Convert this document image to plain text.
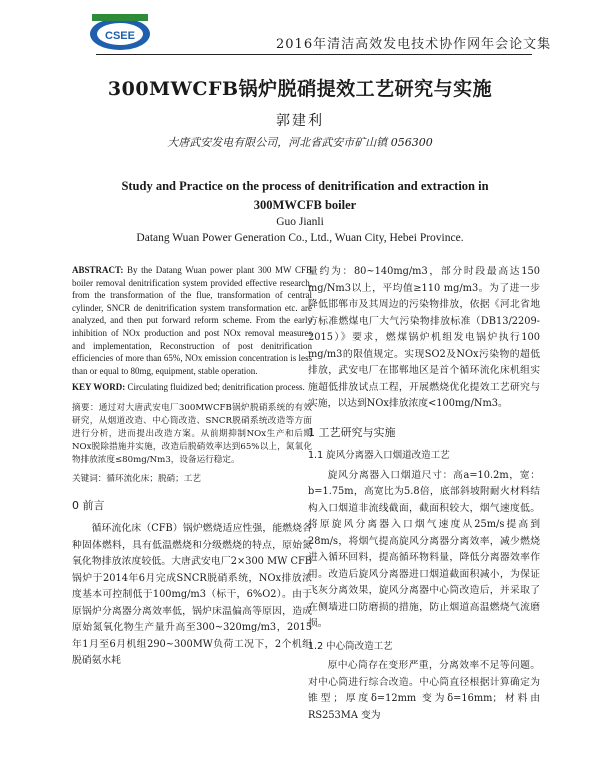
CSEE
2016年清洁高效发电技术协作网年会论文集
300MWCFB锅炉脱硝提效工艺研究与实施
郭建利
大唐武安发电有限公司，河北省武安市矿山镇 056300
Study and Practice on the process of denitrification and extraction in 300MWCFB boiler
Guo Jianli
Datang Wuan Power Generation Co., Ltd., Wuan City, Hebei Province.
ABSTRACT: By the Datang Wuan power plant 300 MW CFB boiler removal denitrification system provided effective research, from the transformation of the flue, transformation of central cylinder, SNCR de denitrification system transformation etc. are analyzed, and then put forward reform scheme. From the early inhibition of NOx production and post NOx removal measures and implementation, Reconstruction of post denitrification efficiencies of more than 65%, NOx emission concentration is less than or equal to 80mg, equipment, stable operation.
KEY WORD: Circulating fluidized bed; denitrification process.
摘要：通过对大唐武安电厂300MWCFB锅炉脱硝系统的有效研究，从烟道改造、中心筒改造、SNCR脱硝系统改造等方面进行分析，进而提出改造方案。从前期抑制NOx生产和后期NOx脱除措施并实施，改造后脱硝效率达到65%以上，氮氧化物排放浓度≤80mg/Nm3，设备运行稳定。
关键词：循环流化床；脱硝；工艺
0 前言
循环流化床（CFB）锅炉燃烧适应性强，能燃烧各种固体燃料，具有低温燃烧和分级燃烧的特点，原始氮氧化物排放浓度较低。大唐武安电厂2×300 MW CFB锅炉于2014年6月完成SNCR脱硝系统，NOx排放浓度基本可控制低于100mg/m3（标干，6%O2）。由于原锅炉分离器分离效率低，锅炉床温偏高等原因，造成原始氮氧化物生产量升高至300~320mg/m3，2015年1月至6月机组290~300MW负荷工况下，2个机组脱硝氨水耗
量约为：80~140mg/m3，部分时段最高达150 mg/Nm3以上，平均值≥110 mg/m3。为了进一步降低邯郸市及其周边的污染物排放，依据《河北省地方标准燃煤电厂大气污染物排放标准（DB13/2209-2015）》要求，燃煤锅炉机组发电锅炉执行100 mg/m3的限值规定。实现SO2及NOx污染物的超低排放，武安电厂在邯郸地区是首个循环流化床机组实施超低排放试点工程，开展燃烧优化提效工艺研究与实施，以达到NOx排放浓度<100mg/Nm3。
1 工艺研究与实施
1.1 旋风分离器入口烟道改造工艺
旋风分离器入口烟道尺寸：高a=10.2m，宽：b=1.75m，高宽比为5.8倍，底部斜坡附耐火材料结构入口烟道非流线截面，截面积较大，烟气速度低。将原旋风分离器入口烟气速度从25m/s提高到28m/s，将烟气提高旋风分离器分离效率，减少燃烧进入循环回料，提高循环物料量，降低分离器效率作用。改造后旋风分离器进口烟道截面积减小，为保证飞灰分离效果，旋风分离器中心筒改造后，并采取了在侧墙进口防磨损的措施，防止烟道高温燃烧气流磨损。
1.2 中心筒改造工艺
原中心筒存在变形严重，分离效率不足等问题。对中心筒进行综合改造。中心筒直径根据计算确定为锥型；厚度δ=12mm 变为δ=16mm；材料由RS253MA 变为
